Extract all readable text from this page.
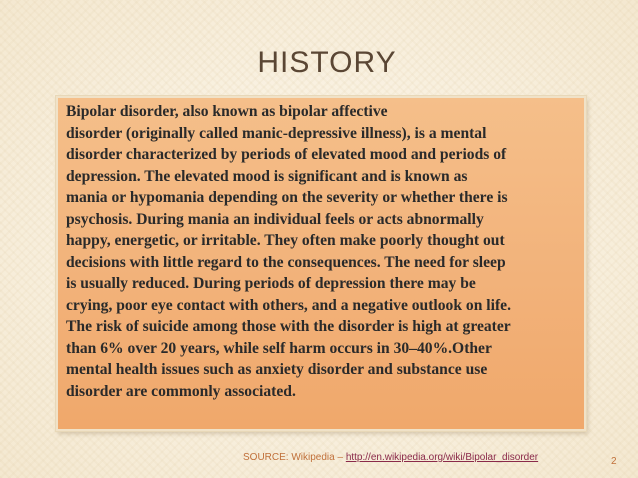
HISTORY

Bipolar disorder, also known as bipolar affective
disorder (originally called manic-depressive illness), is a mental
disorder characterized by periods of elevated mood and periods of
depression. The elevated mood is significant and is known as
mania or hypomania depending on the severity or whether there is
psychosis. During mania an individual feels or acts abnormally
happy, energetic, or irritable. They often make poorly thought out
decisions with little regard to the consequences. The need for sleep
is usually reduced. During periods of depression there may be
crying, poor eye contact with others, and a negative outlook on life.
The risk of suicide among those with the disorder is high at greater
than 6% over 20 years, while self harm occurs in 30–40%.Other
mental health issues such as anxiety disorder and substance use
disorder are commonly associated.

SOURCE: Wikipedia – http://en.wikipedia.org/wiki/Bipolar_disorder	2
